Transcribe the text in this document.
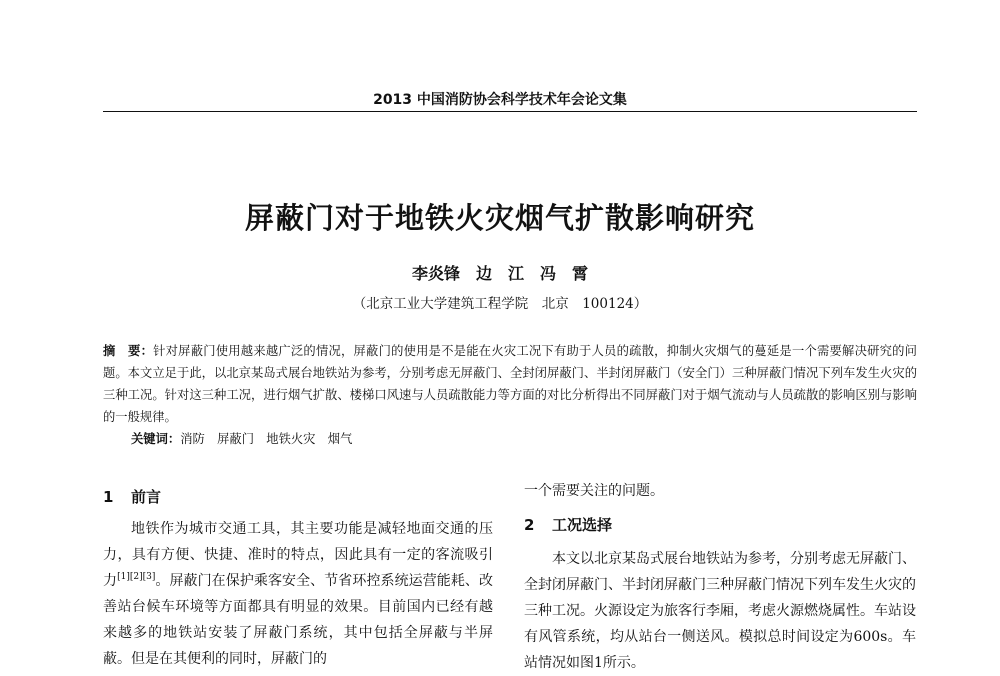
2013 中国消防协会科学技术年会论文集
屏蔽门对于地铁火灾烟气扩散影响研究
李炎锋　边　江　冯　霄
（北京工业大学建筑工程学院　北京　100124）
摘　要：针对屏蔽门使用越来越广泛的情况，屏蔽门的使用是不是能在火灾工况下有助于人员的疏散，抑制火灾烟气的蔓延是一个需要解决研究的问题。本文立足于此，以北京某岛式展台地铁站为参考，分别考虑无屏蔽门、全封闭屏蔽门、半封闭屏蔽门（安全门）三种屏蔽门情况下列车发生火灾的三种工况。针对这三种工况，进行烟气扩散、楼梯口风速与人员疏散能力等方面的对比分析得出不同屏蔽门对于烟气流动与人员疏散的影响区别与影响的一般规律。
关键词：消防　屏蔽门　地铁火灾　烟气

1 前言

地铁作为城市交通工具，其主要功能是减轻地面交通的压力，具有方便、快捷、准时的特点，因此具有一定的客流吸引力[1][2][3]。屏蔽门在保护乘客安全、节省环控系统运营能耗、改善站台候车环境等方面都具有明显的效果。目前国内已经有越来越多的地铁站安装了屏蔽门系统，其中包括全屏蔽与半屏蔽。但是在其便利的同时，屏蔽门的

一个需要关注的问题。

2 工况选择

本文以北京某岛式展台地铁站为参考，分别考虑无屏蔽门、全封闭屏蔽门、半封闭屏蔽门三种屏蔽门情况下列车发生火灾的三种工况。火源设定为旅客行李厢，考虑火源燃烧属性。车站设有风管系统，均从站台一侧送风。模拟总时间设定为600s。车站情况如图1所示。
